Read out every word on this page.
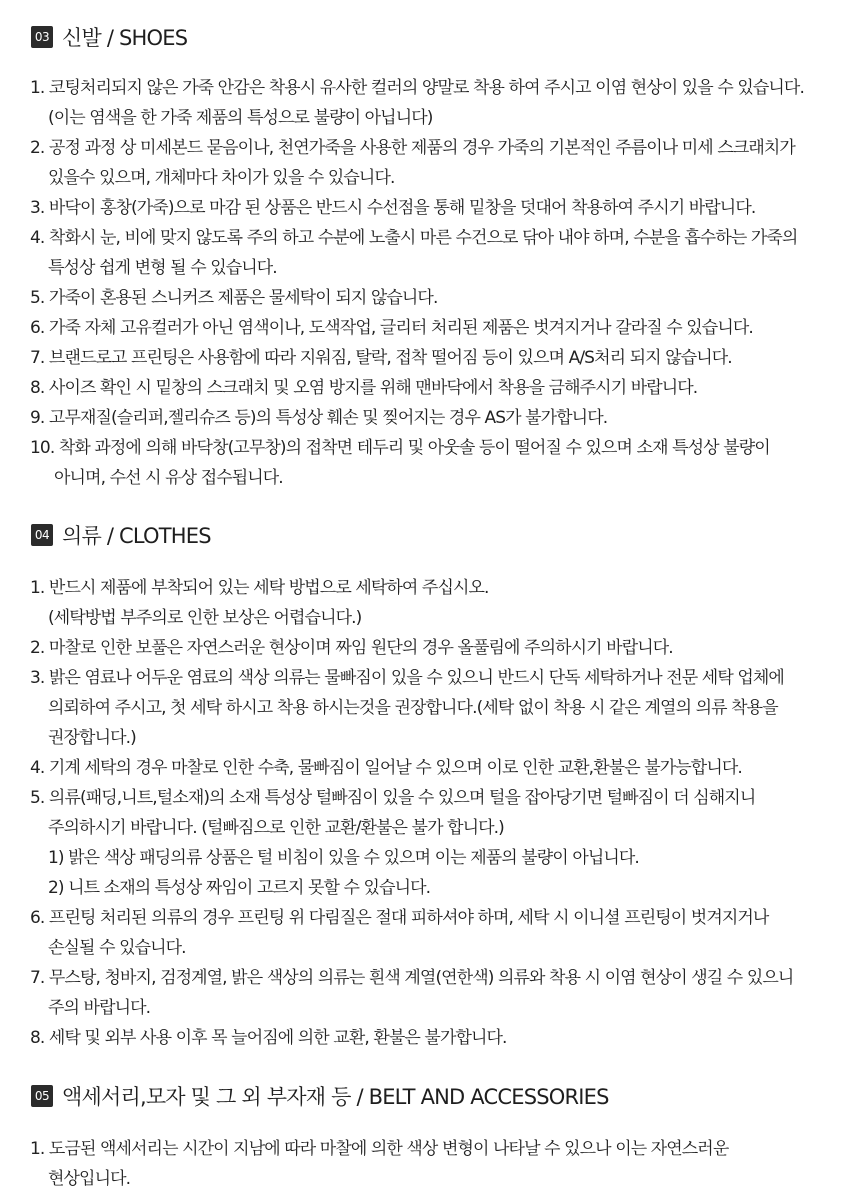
03 신발 / SHOES
1. 코팅처리되지 않은 가죽 안감은 착용시 유사한 컬러의 양말로 착용 하여 주시고 이염 현상이 있을 수 있습니다.
(이는 염색을 한 가죽 제품의 특성으로 불량이 아닙니다)
2. 공정 과정 상 미세본드 묻음이나, 천연가죽을 사용한 제품의 경우 가죽의 기본적인 주름이나 미세 스크래치가
있을수 있으며, 개체마다 차이가 있을 수 있습니다.
3. 바닥이 홍창(가죽)으로 마감 된 상품은 반드시 수선점을 통해 밑창을 덧대어 착용하여 주시기 바랍니다.
4. 착화시 눈, 비에 맞지 않도록 주의 하고 수분에 노출시 마른 수건으로 닦아 내야 하며, 수분을 흡수하는 가죽의
특성상 쉽게 변형 될 수 있습니다.
5. 가죽이 혼용된 스니커즈 제품은 물세탁이 되지 않습니다.
6. 가죽 자체 고유컬러가 아닌 염색이나, 도색작업, 글리터 처리된 제품은 벗겨지거나 갈라질 수 있습니다.
7. 브랜드로고 프린팅은 사용함에 따라 지워짐, 탈락, 접착 떨어짐 등이 있으며 A/S처리 되지 않습니다.
8. 사이즈 확인 시 밑창의 스크래치 및 오염 방지를 위해 맨바닥에서 착용을 금해주시기 바랍니다.
9. 고무재질(슬리퍼,젤리슈즈 등)의 특성상 훼손 및 찢어지는 경우 AS가 불가합니다.
10. 착화 과정에 의해 바닥창(고무창)의 접착면 테두리 및 아웃솔 등이 떨어질 수 있으며 소재 특성상 불량이
아니며, 수선 시 유상 접수됩니다.
04 의류 / CLOTHES
1. 반드시 제품에 부착되어 있는 세탁 방법으로 세탁하여 주십시오.
(세탁방법 부주의로 인한 보상은 어렵습니다.)
2. 마찰로 인한 보풀은 자연스러운 현상이며 짜임 원단의 경우 올풀림에 주의하시기 바랍니다.
3. 밝은 염료나 어두운 염료의 색상 의류는 물빠짐이 있을 수 있으니 반드시 단독 세탁하거나 전문 세탁 업체에
의뢰하여 주시고, 첫 세탁 하시고 착용 하시는것을 권장합니다.(세탁 없이 착용 시 같은 계열의 의류 착용을
권장합니다.)
4. 기계 세탁의 경우 마찰로 인한 수축, 물빠짐이 일어날 수 있으며 이로 인한 교환,환불은 불가능합니다.
5. 의류(패딩,니트,털소재)의 소재 특성상 털빠짐이 있을 수 있으며 털을 잡아당기면 털빠짐이 더 심해지니
주의하시기 바랍니다. (털빠짐으로 인한 교환/환불은 불가 합니다.)
1) 밝은 색상 패딩의류 상품은 털 비침이 있을 수 있으며 이는 제품의 불량이 아닙니다.
2) 니트 소재의 특성상 짜임이 고르지 못할 수 있습니다.
6. 프린팅 처리된 의류의 경우 프린팅 위 다림질은 절대 피하셔야 하며, 세탁 시 이니셜 프린팅이 벗겨지거나
손실될 수 있습니다.
7. 무스탕, 청바지, 검정계열, 밝은 색상의 의류는 흰색 계열(연한색) 의류와 착용 시 이염 현상이 생길 수 있으니
주의 바랍니다.
8. 세탁 및 외부 사용 이후 목 늘어짐에 의한 교환, 환불은 불가합니다.
05 액세서리,모자 및 그 외 부자재 등 / BELT AND ACCESSORIES
1. 도금된 액세서리는 시간이 지남에 따라 마찰에 의한 색상 변형이 나타날 수 있으나 이는 자연스러운
현상입니다.
